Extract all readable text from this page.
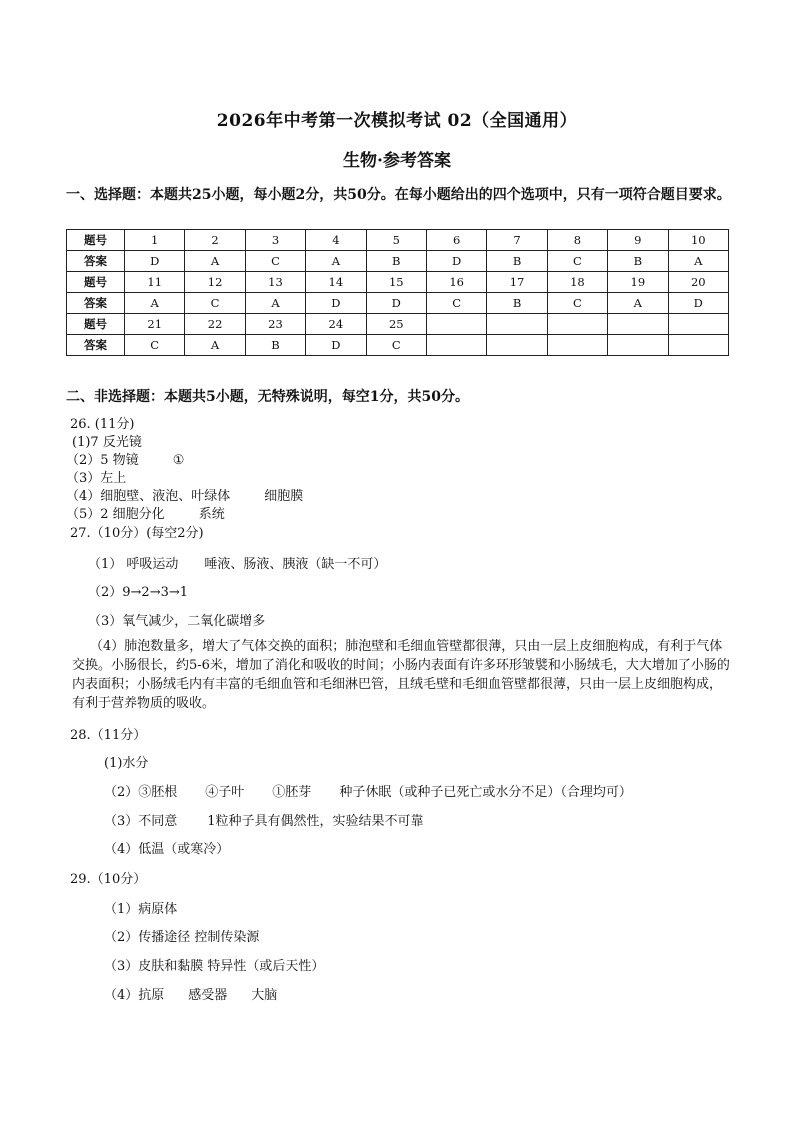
2026年中考第一次模拟考试 02（全国通用）
生物·参考答案
一、选择题：本题共25小题，每小题2分，共50分。在每小题给出的四个选项中，只有一项符合题目要求。
题号	1	2	3	4	5	6	7	8	9	10
答案	D	A	C	A	B	D	B	C	B	A
题号	11	12	13	14	15	16	17	18	19	20
答案	A	C	A	D	D	C	B	C	A	D
题号	21	22	23	24	25					
答案	C	A	B	D	C					
二、非选择题：本题共5小题，无特殊说明，每空1分，共50分。
26. (11分)
(1)7 反光镜
（2）5 物镜	①
（3）左上
（4）细胞壁、液泡、叶绿体	细胞膜
（5）2 细胞分化	系统
27.（10分）(每空2分)
（1） 呼吸运动 唾液、肠液、胰液（缺一不可）
（2）9→2→3→1
（3）氧气减少，二氧化碳增多
（4）肺泡数量多，增大了气体交换的面积；肺泡壁和毛细血管壁都很薄，只由一层上皮细胞构成，有利于气体交换。小肠很长，约5-6米，增加了消化和吸收的时间；小肠内表面有许多环形皱襞和小肠绒毛，大大增加了小肠的内表面积；小肠绒毛内有丰富的毛细血管和毛细淋巴管，且绒毛壁和毛细血管壁都很薄，只由一层上皮细胞构成，有利于营养物质的吸收。
28.（11分）
(1)水分
（2）③胚根 ④子叶 ①胚芽 种子休眠（或种子已死亡或水分不足）（合理均可）
（3）不同意 1粒种子具有偶然性，实验结果不可靠
（4）低温（或寒冷）
29.（10分）
（1）病原体
（2）传播途径 控制传染源
（3）皮肤和黏膜 特异性（或后天性）
（4）抗原 感受器 大脑
